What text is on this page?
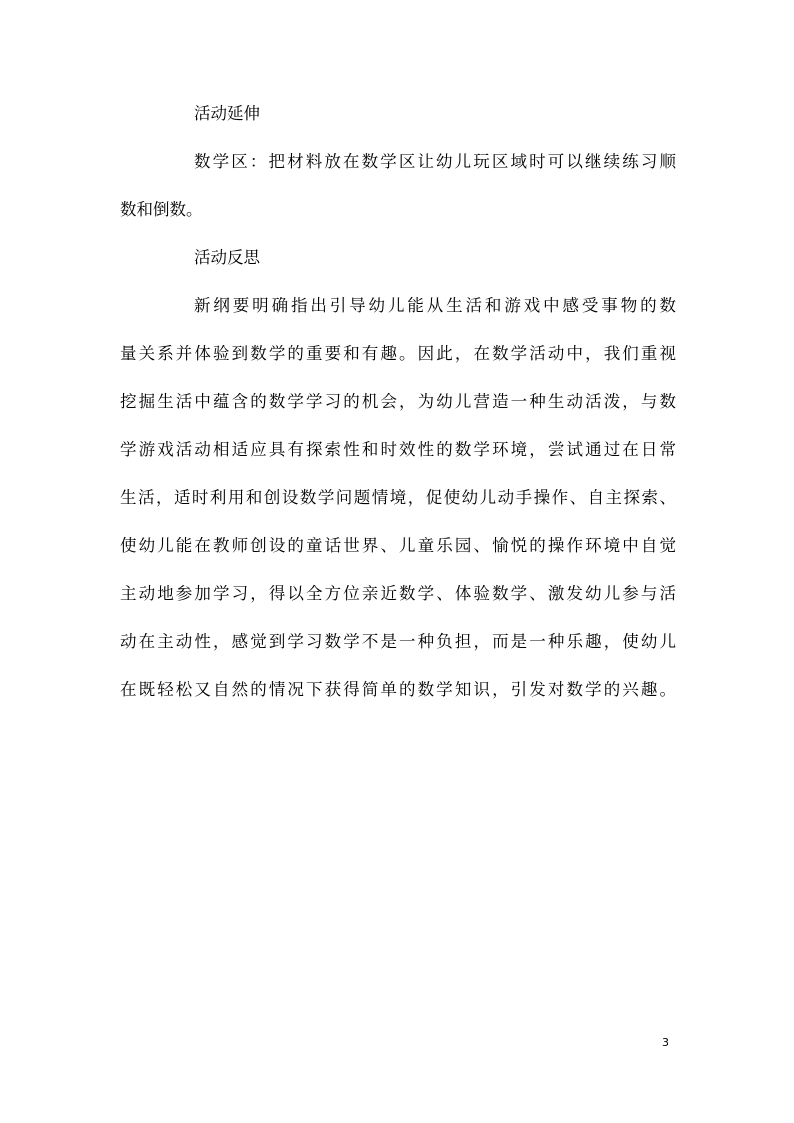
活动延伸
数学区：把材料放在数学区让幼儿玩区域时可以继续练习顺
数和倒数。
活动反思
新纲要明确指出引导幼儿能从生活和游戏中感受事物的数
量关系并体验到数学的重要和有趣。因此，在数学活动中，我们重视
挖掘生活中蕴含的数学学习的机会，为幼儿营造一种生动活泼，与数
学游戏活动相适应具有探索性和时效性的数学环境，尝试通过在日常
生活，适时利用和创设数学问题情境，促使幼儿动手操作、自主探索、
使幼儿能在教师创设的童话世界、儿童乐园、愉悦的操作环境中自觉
主动地参加学习，得以全方位亲近数学、体验数学、激发幼儿参与活
动在主动性，感觉到学习数学不是一种负担，而是一种乐趣，使幼儿
在既轻松又自然的情况下获得简单的数学知识，引发对数学的兴趣。
3
